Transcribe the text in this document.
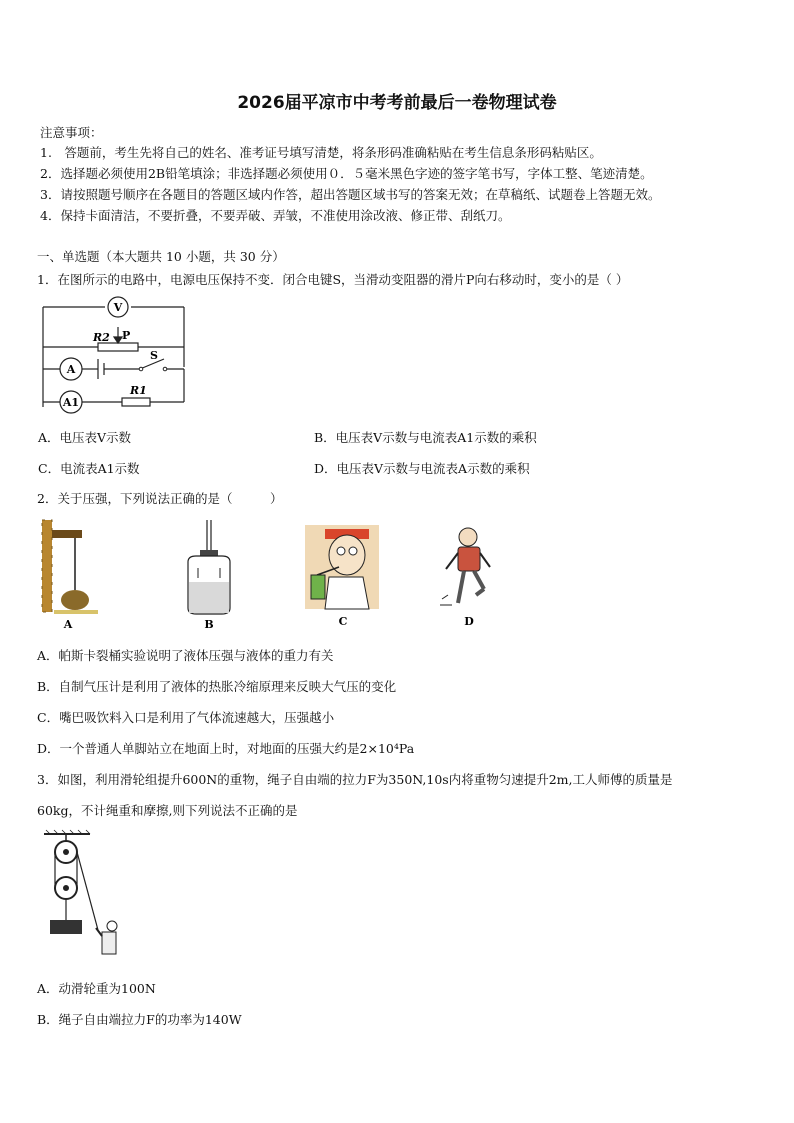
2026届平凉市中考考前最后一卷物理试卷
注意事项：
1.　答题前，考生先将自己的姓名、准考证号填写清楚，将条形码准确粘贴在考生信息条形码粘贴区。
2．选择题必须使用2B铅笔填涂；非选择题必须使用０．５毫米黑色字迹的签字笔书写，字体工整、笔迹清楚。
3．请按照题号顺序在各题目的答题区域内作答，超出答题区域书写的答案无效；在草稿纸、试题卷上答题无效。
4．保持卡面清洁，不要折叠，不要弄破、弄皱，不准使用涂改液、修正带、刮纸刀。
一、单选题（本大题共 10 小题，共 30 分）
1．在图所示的电路中，电源电压保持不变．闭合电键S，当滑动变阻器的滑片P向右移动时，变小的是（ ）
V
A
A1
R2 P
S
R1
A．电压表V示数	B．电压表V示数与电流表A1示数的乘积
C．电流表A1示数	D．电压表V示数与电流表A示数的乘积
2．关于压强，下列说法正确的是（　　　）
A	B	C	D
A．帕斯卡裂桶实验说明了液体压强与液体的重力有关
B．自制气压计是利用了液体的热胀冷缩原理来反映大气压的变化
C．嘴巴吸饮料入口是利用了气体流速越大，压强越小
D．一个普通人单脚站立在地面上时，对地面的压强大约是2×10⁴Pa
3．如图，利用滑轮组提升600N的重物，绳子自由端的拉力F为350N,10s内将重物匀速提升2m,工人师傅的质量是
60kg，不计绳重和摩擦,则下列说法不正确的是
A．动滑轮重为100N
B．绳子自由端拉力F的功率为140W
